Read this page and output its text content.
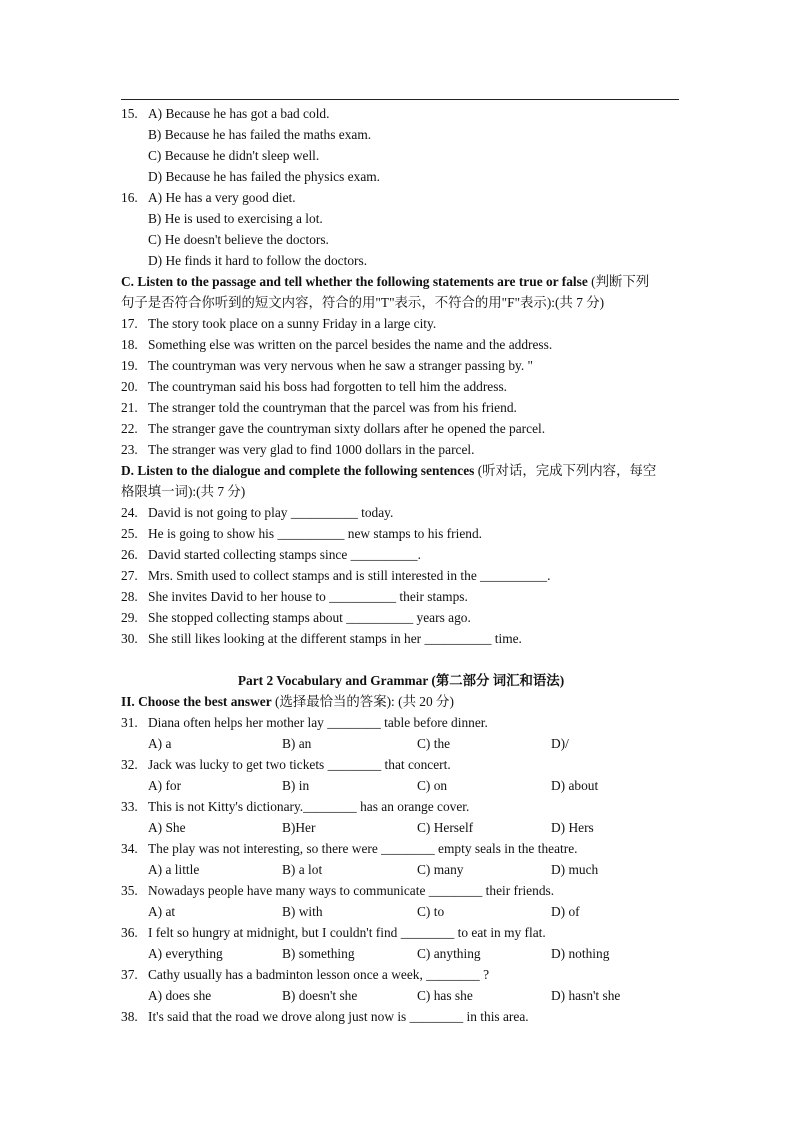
15. A) Because he has got a bad cold.
B) Because he has failed the maths exam.
C) Because he didn't sleep well.
D) Because he has failed the physics exam.
16. A) He has a very good diet.
B) He is used to exercising a lot.
C) He doesn't believe the doctors.
D) He finds it hard to follow the doctors.
C. Listen to the passage and tell whether the following statements are true or false (判断下列
句子是否符合你听到的短文内容，符合的用"T"表示，不符合的用"F"表示):(共 7 分)
17. The story took place on a sunny Friday in a large city.
18. Something else was written on the parcel besides the name and the address.
19. The countryman was very nervous when he saw a stranger passing by. "
20. The countryman said his boss had forgotten to tell him the address.
21. The stranger told the countryman that the parcel was from his friend.
22. The stranger gave the countryman sixty dollars after he opened the parcel.
23. The stranger was very glad to find 1000 dollars in the parcel.
D. Listen to the dialogue and complete the following sentences (听对话，完成下列内容，每空
格限填一词):(共 7 分)
24. David is not going to play __________ today.
25. He is going to show his __________ new stamps to his friend.
26. David started collecting stamps since __________.
27. Mrs. Smith used to collect stamps and is still interested in the __________.
28. She invites David to her house to __________ their stamps.
29. She stopped collecting stamps about __________ years ago.
30. She still likes looking at the different stamps in her __________ time.
Part 2 Vocabulary and Grammar (第二部分 词汇和语法)
II. Choose the best answer (选择最恰当的答案): (共 20 分)
31. Diana often helps her mother lay ________ table before dinner.
A) a	B) an	C) the	D)/
32. Jack was lucky to get two tickets ________ that concert.
A) for	B) in	C) on	D) about
33. This is not Kitty's dictionary.________ has an orange cover.
A) She	B)Her	C) Herself	D) Hers
34. The play was not interesting, so there were ________ empty seals in the theatre.
A) a little	B) a lot	C) many	D) much
35. Nowadays people have many ways to communicate ________ their friends.
A) at	B) with	C) to	D) of
36. I felt so hungry at midnight, but I couldn't find ________ to eat in my flat.
A) everything	B) something	C) anything	D) nothing
37. Cathy usually has a badminton lesson once a week, ________ ?
A) does she	B) doesn't she	C) has she	D) hasn't she
38. It's said that the road we drove along just now is ________ in this area.
